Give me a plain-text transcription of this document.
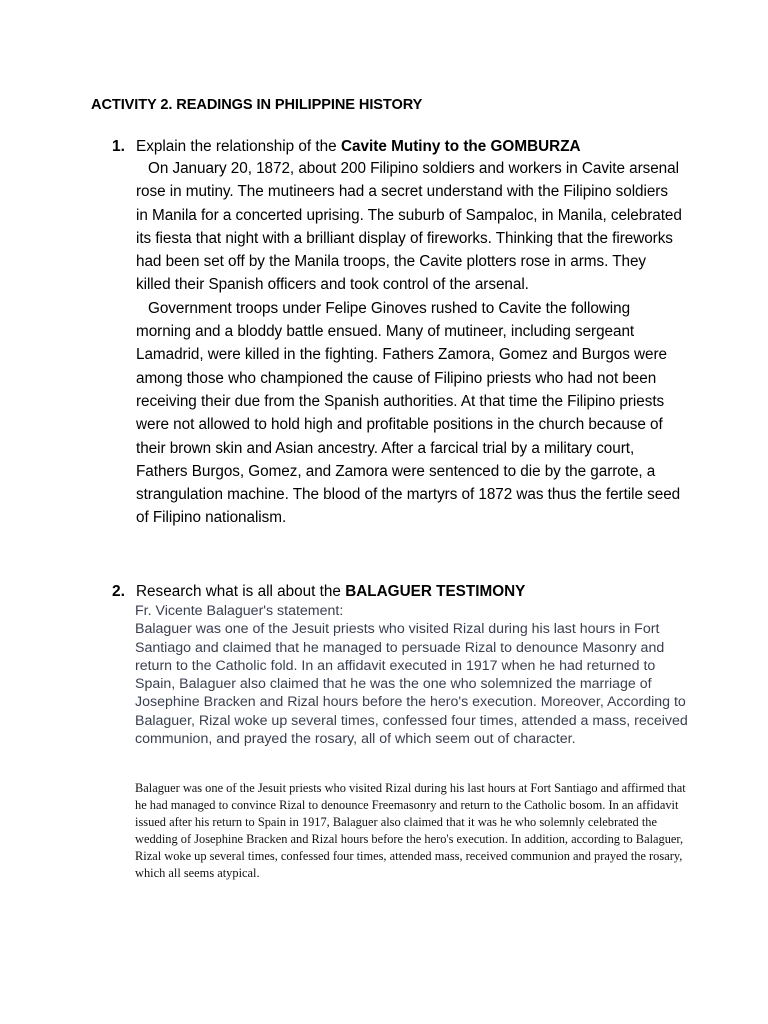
ACTIVITY 2. READINGS IN PHILIPPINE HISTORY
1. Explain the relationship of the Cavite Mutiny to the GOMBURZA

On January 20, 1872, about 200 Filipino soldiers and workers in Cavite arsenal rose in mutiny. The mutineers had a secret understand with the Filipino soldiers in Manila for a concerted uprising. The suburb of Sampaloc, in Manila, celebrated its fiesta that night with a brilliant display of fireworks. Thinking that the fireworks had been set off by the Manila troops, the Cavite plotters rose in arms. They killed their Spanish officers and took control of the arsenal.

Government troops under Felipe Ginoves rushed to Cavite the following morning and a bloddy battle ensued. Many of mutineer, including sergeant Lamadrid, were killed in the fighting. Fathers Zamora, Gomez and Burgos were among those who championed the cause of Filipino priests who had not been receiving their due from the Spanish authorities. At that time the Filipino priests were not allowed to hold high and profitable positions in the church because of their brown skin and Asian ancestry. After a farcical trial by a military court, Fathers Burgos, Gomez, and Zamora were sentenced to die by the garrote, a strangulation machine. The blood of the martyrs of 1872 was thus the fertile seed of Filipino nationalism.

2. Research what is all about the BALAGUER TESTIMONY
Fr. Vicente Balaguer's statement:
Balaguer was one of the Jesuit priests who visited Rizal during his last hours in Fort Santiago and claimed that he managed to persuade Rizal to denounce Masonry and return to the Catholic fold. In an affidavit executed in 1917 when he had returned to Spain, Balaguer also claimed that he was the one who solemnized the marriage of Josephine Bracken and Rizal hours before the hero's execution. Moreover, According to Balaguer, Rizal woke up several times, confessed four times, attended a mass, received communion, and prayed the rosary, all of which seem out of character.
Balaguer was one of the Jesuit priests who visited Rizal during his last hours at Fort Santiago and affirmed that he had managed to convince Rizal to denounce Freemasonry and return to the Catholic bosom. In an affidavit issued after his return to Spain in 1917, Balaguer also claimed that it was he who solemnly celebrated the wedding of Josephine Bracken and Rizal hours before the hero's execution. In addition, according to Balaguer, Rizal woke up several times, confessed four times, attended mass, received communion and prayed the rosary, which all seems atypical.
